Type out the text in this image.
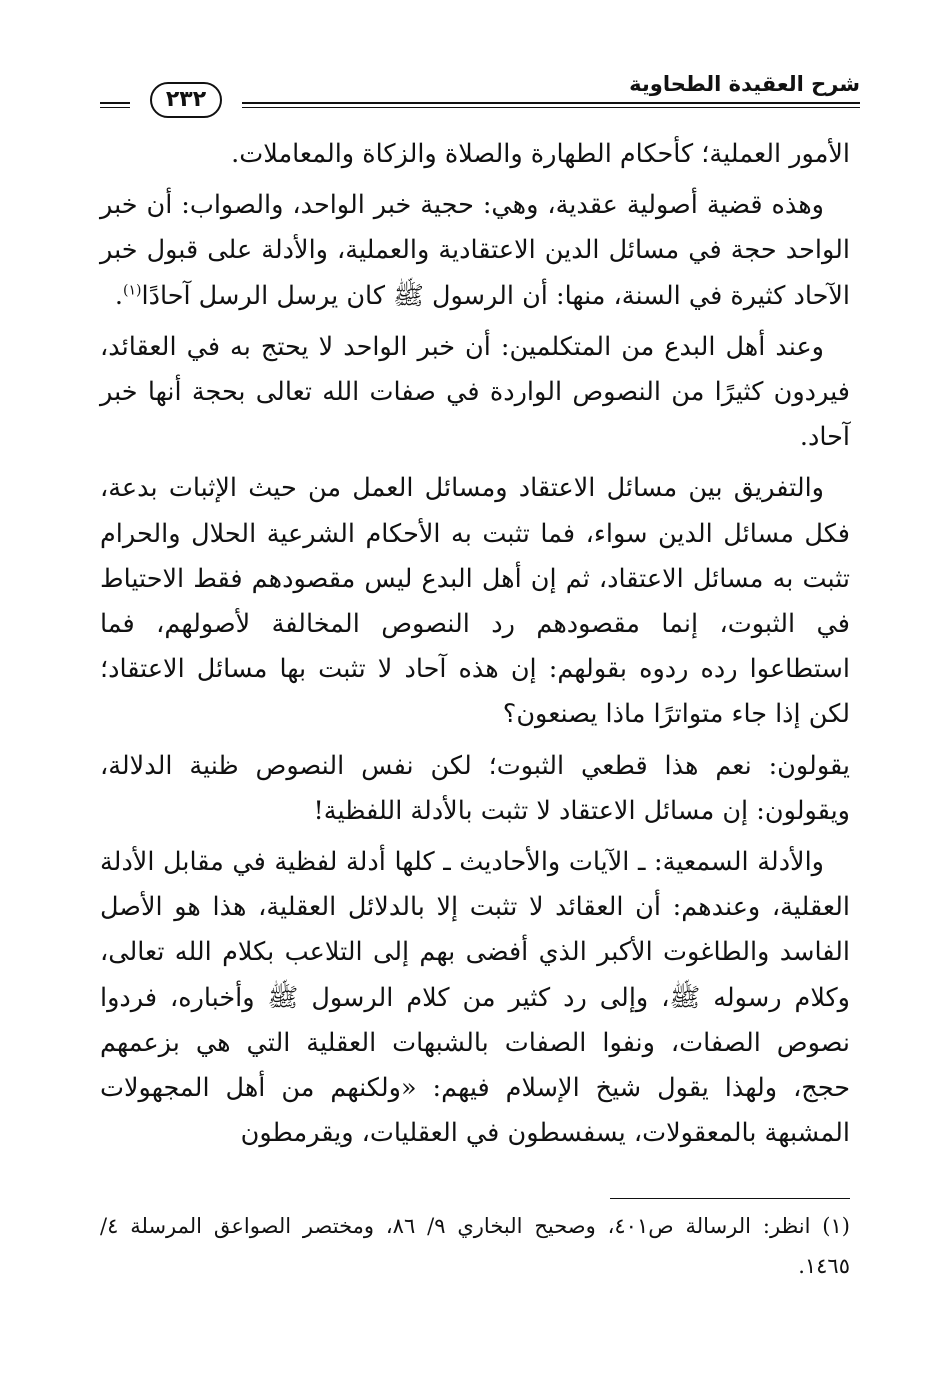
شرح العقيدة الطحاوية
٢٣٢

الأمور العملية؛ كأحكام الطهارة والصلاة والزكاة والمعاملات.

وهذه قضية أصولية عقدية، وهي: حجية خبر الواحد، والصواب: أن خبر الواحد حجة في مسائل الدين الاعتقادية والعملية، والأدلة على قبول خبر الآحاد كثيرة في السنة، منها: أن الرسول ﷺ كان يرسل الرسل آحادًا$^{(١)}$.

وعند أهل البدع من المتكلمين: أن خبر الواحد لا يحتج به في العقائد، فيردون كثيرًا من النصوص الواردة في صفات الله تعالى بحجة أنها خبر آحاد.

والتفريق بين مسائل الاعتقاد ومسائل العمل من حيث الإثبات بدعة، فكل مسائل الدين سواء، فما تثبت به الأحكام الشرعية الحلال والحرام تثبت به مسائل الاعتقاد، ثم إن أهل البدع ليس مقصودهم فقط الاحتياط في الثبوت، إنما مقصودهم رد النصوص المخالفة لأصولهم، فما استطاعوا رده ردوه بقولهم: إن هذه آحاد لا تثبت بها مسائل الاعتقاد؛ لكن إذا جاء متواترًا ماذا يصنعون؟

يقولون: نعم هذا قطعي الثبوت؛ لكن نفس النصوص ظنية الدلالة، ويقولون: إن مسائل الاعتقاد لا تثبت بالأدلة اللفظية!

والأدلة السمعية: ـ الآيات والأحاديث ـ كلها أدلة لفظية في مقابل الأدلة العقلية، وعندهم: أن العقائد لا تثبت إلا بالدلائل العقلية، هذا هو الأصل الفاسد والطاغوت الأكبر الذي أفضى بهم إلى التلاعب بكلام الله تعالى، وكلام رسوله ﷺ، وإلى رد كثير من كلام الرسول ﷺ وأخباره، فردوا نصوص الصفات، ونفوا الصفات بالشبهات العقلية التي هي بزعمهم حجج، ولهذا يقول شيخ الإسلام فيهم: «ولكنهم من أهل المجهولات المشبهة بالمعقولات، يسفسطون في العقليات، ويقرمطون

(١) انظر: الرسالة ص٤٠١، وصحيح البخاري ٩/ ٨٦، ومختصر الصواعق المرسلة ٤/ ١٤٦٥.
